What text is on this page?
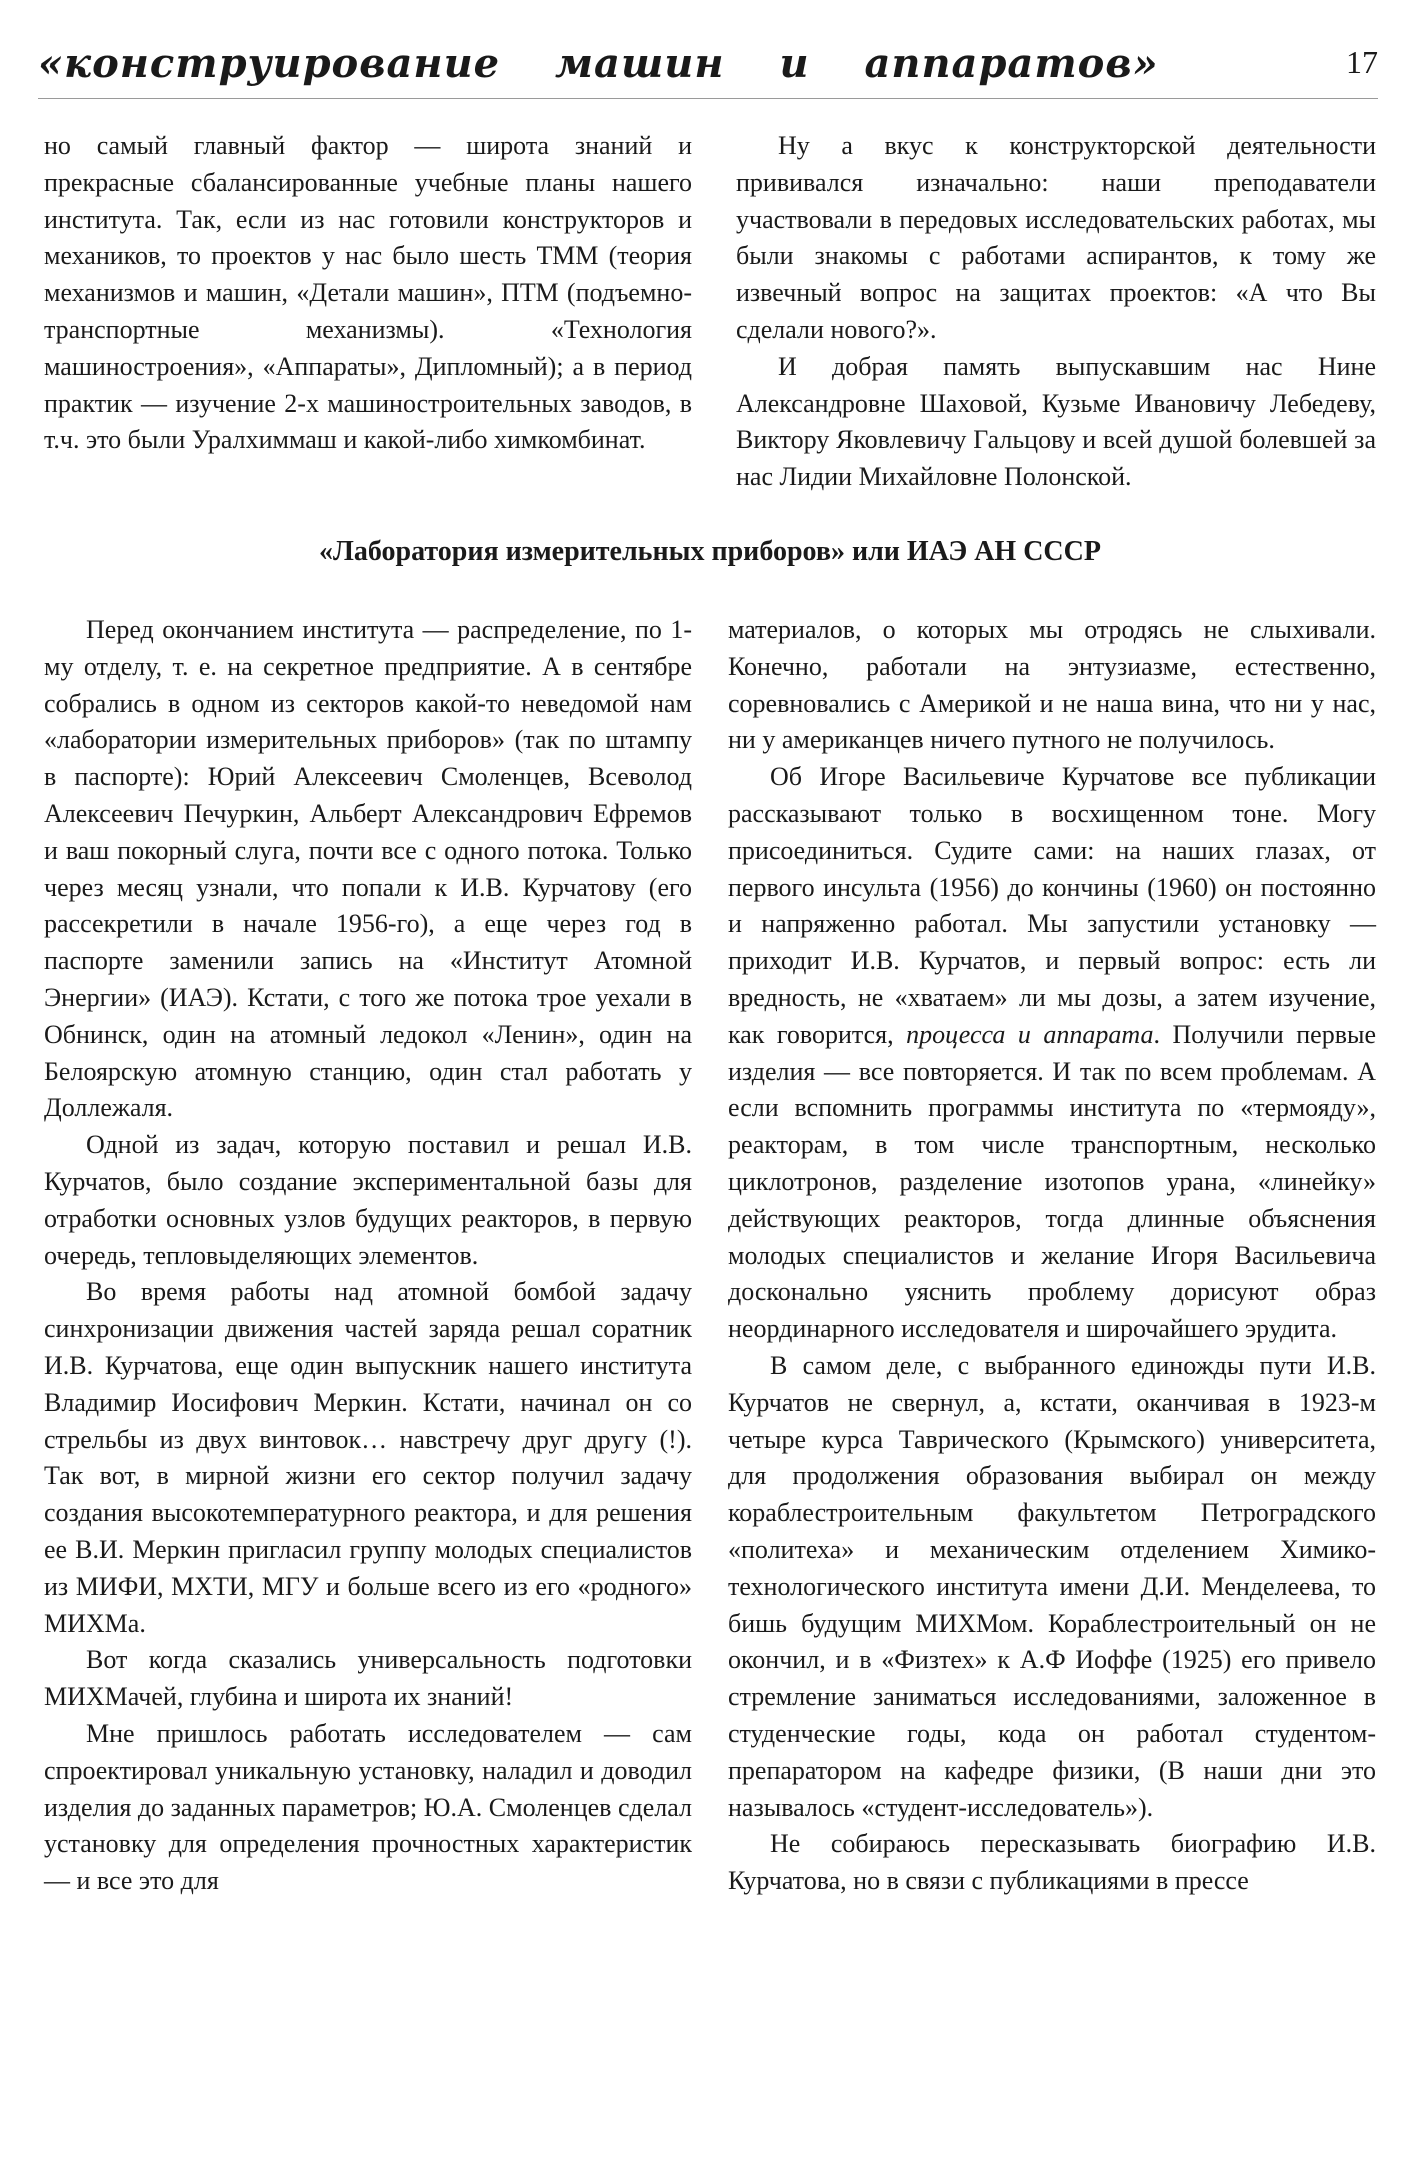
«конструирование машин и аппаратов»	17

но самый главный фактор — широта знаний и прекрасные сбалансированные учебные планы нашего института. Так, если из нас готовили конструкторов и механиков, то проектов у нас было шесть ТММ (теория механизмов и машин, «Детали машин», ПТМ (подъемно-транспортные механизмы). «Технология машиностроения», «Аппараты», Дипломный); а в период практик — изучение 2-х машиностроительных заводов, в т.ч. это были Уралхиммаш и какой-либо химкомбинат.

Ну а вкус к конструкторской деятельности прививался изначально: наши преподаватели участвовали в передовых исследовательских работах, мы были знакомы с работами аспирантов, к тому же извечный вопрос на защитах проектов: «А что Вы сделали нового?».

И добрая память выпускавшим нас Нине Александровне Шаховой, Кузьме Ивановичу Лебедеву, Виктору Яковлевичу Гальцову и всей душой болевшей за нас Лидии Михайловне Полонской.

«Лаборатория измерительных приборов» или ИАЭ АН СССР

Перед окончанием института — распределение, по 1-му отделу, т. е. на секретное предприятие. А в сентябре собрались в одном из секторов какой-то неведомой нам «лаборатории измерительных приборов» (так по штампу в паспорте): Юрий Алексеевич Смоленцев, Всеволод Алексеевич Печуркин, Альберт Александрович Ефремов и ваш покорный слуга, почти все с одного потока. Только через месяц узнали, что попали к И.В. Курчатову (его рассекретили в начале 1956-го), а еще через год в паспорте заменили запись на «Институт Атомной Энергии» (ИАЭ). Кстати, с того же потока трое уехали в Обнинск, один на атомный ледокол «Ленин», один на Белоярскую атомную станцию, один стал работать у Доллежаля.

Одной из задач, которую поставил и решал И.В. Курчатов, было создание экспериментальной базы для отработки основных узлов будущих реакторов, в первую очередь, тепловыделяющих элементов.

Во время работы над атомной бомбой задачу синхронизации движения частей заряда решал соратник И.В. Курчатова, еще один выпускник нашего института Владимир Иосифович Меркин. Кстати, начинал он со стрельбы из двух винтовок… навстречу друг другу (!). Так вот, в мирной жизни его сектор получил задачу создания высокотемпературного реактора, и для решения ее В.И. Меркин пригласил группу молодых специалистов из МИФИ, МХТИ, МГУ и больше всего из его «родного» МИХМа.

Вот когда сказались универсальность подготовки МИХМачей, глубина и широта их знаний!

Мне пришлось работать исследователем — сам спроектировал уникальную установку, наладил и доводил изделия до заданных параметров; Ю.А. Смоленцев сделал установку для определения прочностных характеристик — и все это для

материалов, о которых мы отродясь не слыхивали. Конечно, работали на энтузиазме, естественно, соревновались с Америкой и не наша вина, что ни у нас, ни у американцев ничего путного не получилось.

Об Игоре Васильевиче Курчатове все публикации рассказывают только в восхищенном тоне. Могу присоединиться. Судите сами: на наших глазах, от первого инсульта (1956) до кончины (1960) он постоянно и напряженно работал. Мы запустили установку — приходит И.В. Курчатов, и первый вопрос: есть ли вредность, не «хватаем» ли мы дозы, а затем изучение, как говорится, процесса и аппарата. Получили первые изделия — все повторяется. И так по всем проблемам. А если вспомнить программы института по «термояду», реакторам, в том числе транспортным, несколько циклотронов, разделение изотопов урана, «линейку» действующих реакторов, тогда длинные объяснения молодых специалистов и желание Игоря Васильевича досконально уяснить проблему дорисуют образ неординарного исследователя и широчайшего эрудита.

В самом деле, с выбранного единожды пути И.В. Курчатов не свернул, а, кстати, оканчивая в 1923-м четыре курса Таврического (Крымского) университета, для продолжения образования выбирал он между кораблестроительным факультетом Петроградского «политеха» и механическим отделением Химико-технологического института имени Д.И. Менделеева, то бишь будущим МИХМом. Кораблестроительный он не окончил, и в «Физтех» к А.Ф Иоффе (1925) его привело стремление заниматься исследованиями, заложенное в студенческие годы, кода он работал студентом-препаратором на кафедре физики, (В наши дни это называлось «студент-исследователь»).

Не собираюсь пересказывать биографию И.В. Курчатова, но в связи с публикациями в прессе
